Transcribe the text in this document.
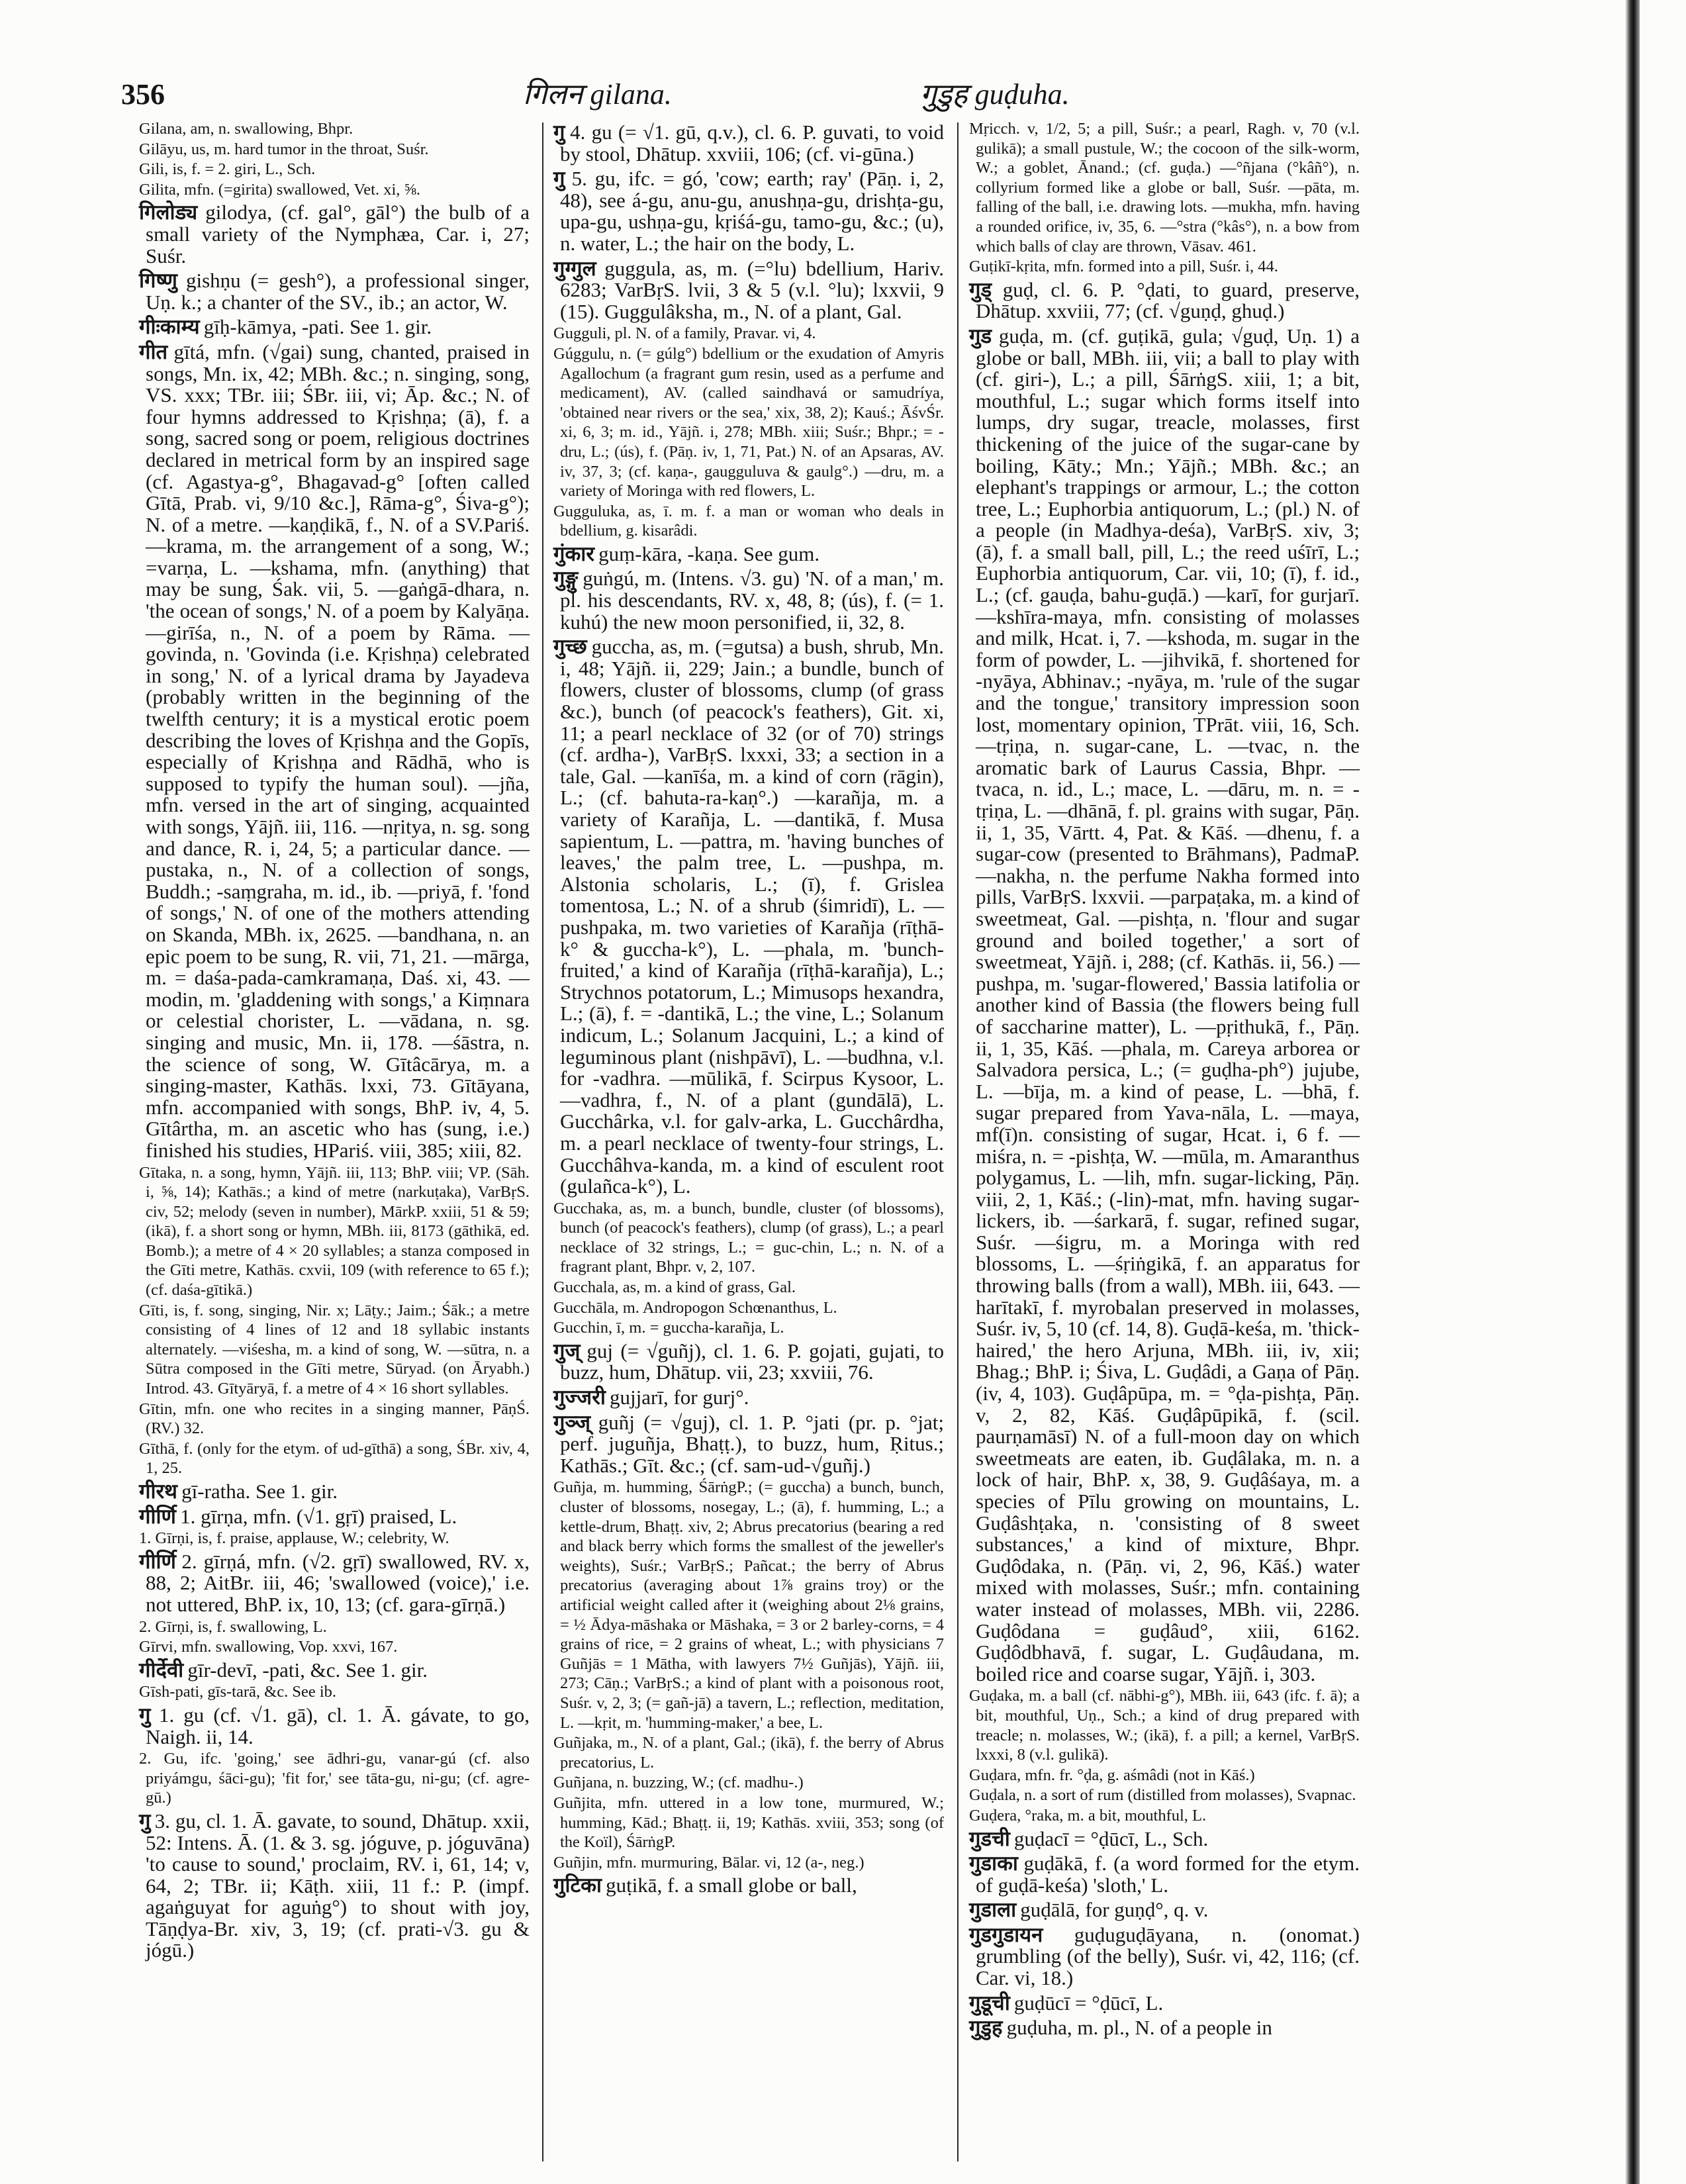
356	गिलन gilana.	गुडुह guḍuha.
Gilana, am, n. swallowing, Bhpr.
Gilāyu, us, m. hard tumor in the throat, Suśr.
Gili, is, f. = 2. giri, L., Sch.
Gilita, mfn. (=girita) swallowed, Vet. xi, ⅝.
गिलोड्य gilodya, (cf. gal°, gāl°) the bulb of a small variety of the Nymphæa, Car. i, 27; Suśr.
गिष्णु gishṇu (= gesh°), a professional singer, Uṇ. k.; a chanter of the SV., ib.; an actor, W.
गीःकाम्य gīḥ-kāmya, -pati. See 1. gir.
गीत gītá, mfn. (√gai) sung, chanted, praised in songs, Mn. ix, 42; MBh. &c.; n. singing, song, VS. xxx; TBr. iii; ŚBr. iii, vi; Āp. &c.; N. of four hymns addressed to Kṛishṇa; (ā), f. a song, sacred song or poem, religious doctrines declared in metrical form by an inspired sage (cf. Agastya-g°, Bhagavad-g° [often called Gītā, Prab. vi, 9/10 &c.], Rāma-g°, Śiva-g°); N. of a metre. —kaṇḍikā, f., N. of a SV.Pariś. —krama, m. the arrangement of a song, W.; =varṇa, L. —kshama, mfn. (anything) that may be sung, Śak. vii, 5. —gaṅgā-dhara, n. 'the ocean of songs,' N. of a poem by Kalyāṇa. —girīśa, n., N. of a poem by Rāma. —govinda, n. 'Govinda (i.e. Kṛishṇa) celebrated in song,' N. of a lyrical drama by Jayadeva (probably written in the beginning of the twelfth century; it is a mystical erotic poem describing the loves of Kṛishṇa and the Gopīs, especially of Kṛishṇa and Rādhā, who is supposed to typify the human soul). —jña, mfn. versed in the art of singing, acquainted with songs, Yājñ. iii, 116. —nṛitya, n. sg. song and dance, R. i, 24, 5; a particular dance. —pustaka, n., N. of a collection of songs, Buddh.; -saṃgraha, m. id., ib. —priyā, f. 'fond of songs,' N. of one of the mothers attending on Skanda, MBh. ix, 2625. —bandhana, n. an epic poem to be sung, R. vii, 71, 21. —mārga, m. = daśa-pada-camkramaṇa, Daś. xi, 43. —modin, m. 'gladdening with songs,' a Kiṃnara or celestial chorister, L. —vādana, n. sg. singing and music, Mn. ii, 178. —śāstra, n. the science of song, W. Gītâcārya, m. a singing-master, Kathās. lxxi, 73. Gītāyana, mfn. accompanied with songs, BhP. iv, 4, 5. Gītârtha, m. an ascetic who has (sung, i.e.) finished his studies, HPariś. viii, 385; xiii, 82.
Gītaka, n. a song, hymn, Yājñ. iii, 113; BhP. viii; VP. (Sāh. i, ⅝, 14); Kathās.; a kind of metre (narkuṭaka), VarBṛS. civ, 52; melody (seven in number), MārkP. xxiii, 51 & 59; (ikā), f. a short song or hymn, MBh. iii, 8173 (gāthikā, ed. Bomb.); a metre of 4 × 20 syllables; a stanza composed in the Gīti metre, Kathās. cxvii, 109 (with reference to 65 f.); (cf. daśa-gītikā.)
Gīti, is, f. song, singing, Nir. x; Lāṭy.; Jaim.; Śāk.; a metre consisting of 4 lines of 12 and 18 syllabic instants alternately. —viśesha, m. a kind of song, W. —sūtra, n. a Sūtra composed in the Gīti metre, Sūryad. (on Āryabh.) Introd. 43. Gītyāryā, f. a metre of 4 × 16 short syllables.
Gītin, mfn. one who recites in a singing manner, PāṇŚ. (RV.) 32.
Gīthā, f. (only for the etym. of ud-gīthā) a song, ŚBr. xiv, 4, 1, 25.
गीरथ gī-ratha. See 1. gir.
गीर्णि 1. gīrṇa, mfn. (√1. gṛī) praised, L.
1. Gīrṇi, is, f. praise, applause, W.; celebrity, W.
गीर्णि 2. gīrṇá, mfn. (√2. gṛī) swallowed, RV. x, 88, 2; AitBr. iii, 46; 'swallowed (voice),' i.e. not uttered, BhP. ix, 10, 13; (cf. gara-gīrṇā.)
2. Gīrṇi, is, f. swallowing, L.
Gīrvi, mfn. swallowing, Vop. xxvi, 167.
गीर्देवी gīr-devī, -pati, &c. See 1. gir.
Gīsh-pati, gīs-tarā, &c. See ib.
गु 1. gu (cf. √1. gā), cl. 1. Ā. gávate, to go, Naigh. ii, 14.
2. Gu, ifc. 'going,' see ādhri-gu, vanar-gú (cf. also priyámgu, śāci-gu); 'fit for,' see tāta-gu, ni-gu; (cf. agre-gū.)
गु 3. gu, cl. 1. Ā. gavate, to sound, Dhātup. xxii, 52: Intens. Ā. (1. & 3. sg. jóguve, p. jóguvāna) 'to cause to sound,' proclaim, RV. i, 61, 14; v, 64, 2; TBr. ii; Kāṭh. xiii, 11 f.: P. (impf. agaṅguyat for aguṅg°) to shout with joy, Tāṇḍya-Br. xiv, 3, 19; (cf. prati-√3. gu & jógū.)
गु 4. gu (= √1. gū, q.v.), cl. 6. P. guvati, to void by stool, Dhātup. xxviii, 106; (cf. vi-gūna.)
गु 5. gu, ifc. = gó, 'cow; earth; ray' (Pāṇ. i, 2, 48), see á-gu, anu-gu, anushṇa-gu, drishṭa-gu, upa-gu, ushṇa-gu, kṛiśá-gu, tamo-gu, &c.; (u), n. water, L.; the hair on the body, L.
गुग्गुल guggula, as, m. (=°lu) bdellium, Hariv. 6283; VarBṛS. lvii, 3 & 5 (v.l. °lu); lxxvii, 9 (15). Guggulâksha, m., N. of a plant, Gal.
Gugguli, pl. N. of a family, Pravar. vi, 4.
Gúggulu, n. (= gúlg°) bdellium or the exudation of Amyris Agallochum (a fragrant gum resin, used as a perfume and medicament), AV. (called saindhavá or samudríya, 'obtained near rivers or the sea,' xix, 38, 2); Kauś.; ĀśvŚr. xi, 6, 3; m. id., Yājñ. i, 278; MBh. xiii; Suśr.; Bhpr.; = -dru, L.; (ús), f. (Pāṇ. iv, 1, 71, Pat.) N. of an Apsaras, AV. iv, 37, 3; (cf. kaṇa-, gaugguluva & gaulg°.) —dru, m. a variety of Moringa with red flowers, L.
Gugguluka, as, ī. m. f. a man or woman who deals in bdellium, g. kisarâdi.
गुंकार guṃ-kāra, -kaṇa. See gum.
गुङ्गु guṅgú, m. (Intens. √3. gu) 'N. of a man,' m. pl. his descendants, RV. x, 48, 8; (ús), f. (= 1. kuhú) the new moon personified, ii, 32, 8.
गुच्छ guccha, as, m. (=gutsa) a bush, shrub, Mn. i, 48; Yājñ. ii, 229; Jain.; a bundle, bunch of flowers, cluster of blossoms, clump (of grass &c.), bunch (of peacock's feathers), Git. xi, 11; a pearl necklace of 32 (or of 70) strings (cf. ardha-), VarBṛS. lxxxi, 33; a section in a tale, Gal. —kanīśa, m. a kind of corn (rāgin), L.; (cf. bahuta-ra-kaṇ°.) —karañja, m. a variety of Karañja, L. —dantikā, f. Musa sapientum, L. —pattra, m. 'having bunches of leaves,' the palm tree, L. —pushpa, m. Alstonia scholaris, L.; (ī), f. Grislea tomentosa, L.; N. of a shrub (śimridī), L. —pushpaka, m. two varieties of Karañja (rīṭhā-k° & guccha-k°), L. —phala, m. 'bunch-fruited,' a kind of Karañja (rīṭhā-karañja), L.; Strychnos potatorum, L.; Mimusops hexandra, L.; (ā), f. = -dantikā, L.; the vine, L.; Solanum indicum, L.; Solanum Jacquini, L.; a kind of leguminous plant (nishpāvī), L. —budhna, v.l. for -vadhra. —mūlikā, f. Scirpus Kysoor, L. —vadhra, f., N. of a plant (gundālā), L. Gucchârka, v.l. for galv-arka, L. Gucchârdha, m. a pearl necklace of twenty-four strings, L. Gucchâhva-kanda, m. a kind of esculent root (gulañca-k°), L.
Gucchaka, as, m. a bunch, bundle, cluster (of blossoms), bunch (of peacock's feathers), clump (of grass), L.; a pearl necklace of 32 strings, L.; = guc-chin, L.; n. N. of a fragrant plant, Bhpr. v, 2, 107.
Gucchala, as, m. a kind of grass, Gal.
Gucchāla, m. Andropogon Schœnanthus, L.
Gucchin, ī, m. = guccha-karañja, L.
गुज् guj (= √guñj), cl. 1. 6. P. gojati, gujati, to buzz, hum, Dhātup. vii, 23; xxviii, 76.
गुज्जरी gujjarī, for gurj°.
गुञ्ज् guñj (= √guj), cl. 1. P. °jati (pr. p. °jat; perf. juguñja, Bhaṭṭ.), to buzz, hum, Ṛitus.; Kathās.; Gīt. &c.; (cf. sam-ud-√guñj.)
Guñja, m. humming, ŚārṅgP.; (= guccha) a bunch, bunch, cluster of blossoms, nosegay, L.; (ā), f. humming, L.; a kettle-drum, Bhaṭṭ. xiv, 2; Abrus precatorius (bearing a red and black berry which forms the smallest of the jeweller's weights), Suśr.; VarBṛS.; Pañcat.; the berry of Abrus precatorius (averaging about 1⅞ grains troy) or the artificial weight called after it (weighing about 2⅛ grains, = ½ Ādya-māshaka or Māshaka, = 3 or 2 barley-corns, = 4 grains of rice, = 2 grains of wheat, L.; with physicians 7 Guñjās = 1 Mātha, with lawyers 7½ Guñjās), Yājñ. iii, 273; Cāṇ.; VarBṛS.; a kind of plant with a poisonous root, Suśr. v, 2, 3; (= gañ-jā) a tavern, L.; reflection, meditation, L. —kṛit, m. 'humming-maker,' a bee, L.
Guñjaka, m., N. of a plant, Gal.; (ikā), f. the berry of Abrus precatorius, L.
Guñjana, n. buzzing, W.; (cf. madhu-.)
Guñjita, mfn. uttered in a low tone, murmured, W.; humming, Kād.; Bhaṭṭ. ii, 19; Kathās. xviii, 353; song (of the Koïl), ŚārṅgP.
Guñjin, mfn. murmuring, Bālar. vi, 12 (a-, neg.)
गुटिका guṭikā, f. a small globe or ball,
Mṛicch. v, 1/2, 5; a pill, Suśr.; a pearl, Ragh. v, 70 (v.l. gulikā); a small pustule, W.; the cocoon of the silk-worm, W.; a goblet, Ānand.; (cf. guḍa.) —°ñjana (°kâñ°), n. collyrium formed like a globe or ball, Suśr. —pāta, m. falling of the ball, i.e. drawing lots. —mukha, mfn. having a rounded orifice, iv, 35, 6. —°stra (°kâs°), n. a bow from which balls of clay are thrown, Vāsav. 461.
Guṭikī-kṛita, mfn. formed into a pill, Suśr. i, 44.
गुड् guḍ, cl. 6. P. °ḍati, to guard, preserve, Dhātup. xxviii, 77; (cf. √guṇḍ, ghuḍ.)
गुड guḍa, m. (cf. guṭikā, gula; √guḍ, Uṇ. 1) a globe or ball, MBh. iii, vii; a ball to play with (cf. giri-), L.; a pill, ŚārṅgS. xiii, 1; a bit, mouthful, L.; sugar which forms itself into lumps, dry sugar, treacle, molasses, first thickening of the juice of the sugar-cane by boiling, Kāty.; Mn.; Yājñ.; MBh. &c.; an elephant's trappings or armour, L.; the cotton tree, L.; Euphorbia antiquorum, L.; (pl.) N. of a people (in Madhya-deśa), VarBṛS. xiv, 3; (ā), f. a small ball, pill, L.; the reed uśīrī, L.; Euphorbia antiquorum, Car. vii, 10; (ī), f. id., L.; (cf. gauḍa, bahu-guḍā.) —karī, for gurjarī. —kshīra-maya, mfn. consisting of molasses and milk, Hcat. i, 7. —kshoda, m. sugar in the form of powder, L. —jihvikā, f. shortened for -nyāya, Abhinav.; -nyāya, m. 'rule of the sugar and the tongue,' transitory impression soon lost, momentary opinion, TPrāt. viii, 16, Sch. —tṛiṇa, n. sugar-cane, L. —tvac, n. the aromatic bark of Laurus Cassia, Bhpr. —tvaca, n. id., L.; mace, L. —dāru, m. n. = -tṛiṇa, L. —dhānā, f. pl. grains with sugar, Pāṇ. ii, 1, 35, Vārtt. 4, Pat. & Kāś. —dhenu, f. a sugar-cow (presented to Brāhmans), PadmaP. —nakha, n. the perfume Nakha formed into pills, VarBṛS. lxxvii. —parpaṭaka, m. a kind of sweetmeat, Gal. —pishṭa, n. 'flour and sugar ground and boiled together,' a sort of sweetmeat, Yājñ. i, 288; (cf. Kathās. ii, 56.) —pushpa, m. 'sugar-flowered,' Bassia latifolia or another kind of Bassia (the flowers being full of saccharine matter), L. —pṛithukā, f., Pāṇ. ii, 1, 35, Kāś. —phala, m. Careya arborea or Salvadora persica, L.; (= guḍha-ph°) jujube, L. —bīja, m. a kind of pease, L. —bhā, f. sugar prepared from Yava-nāla, L. —maya, mf(ī)n. consisting of sugar, Hcat. i, 6 f. —miśra, n. = -pishṭa, W. —mūla, m. Amaranthus polygamus, L. —lih, mfn. sugar-licking, Pāṇ. viii, 2, 1, Kāś.; (-lin)-mat, mfn. having sugar-lickers, ib. —śarkarā, f. sugar, refined sugar, Suśr. —śigru, m. a Moringa with red blossoms, L. —śṛiṅgikā, f. an apparatus for throwing balls (from a wall), MBh. iii, 643. —harītakī, f. myrobalan preserved in molasses, Suśr. iv, 5, 10 (cf. 14, 8). Guḍā-keśa, m. 'thick-haired,' the hero Arjuna, MBh. iii, iv, xii; Bhag.; BhP. i; Śiva, L. Guḍâdi, a Gaṇa of Pāṇ. (iv, 4, 103). Guḍâpūpa, m. = °ḍa-pishṭa, Pāṇ. v, 2, 82, Kāś. Guḍâpūpikā, f. (scil. paurṇamāsī) N. of a full-moon day on which sweetmeats are eaten, ib. Guḍâlaka, m. n. a lock of hair, BhP. x, 38, 9. Guḍâśaya, m. a species of Pīlu growing on mountains, L. Guḍâshṭaka, n. 'consisting of 8 sweet substances,' a kind of mixture, Bhpr. Guḍôdaka, n. (Pāṇ. vi, 2, 96, Kāś.) water mixed with molasses, Suśr.; mfn. containing water instead of molasses, MBh. vii, 2286. Guḍôdana = guḍâud°, xiii, 6162. Guḍôdbhavā, f. sugar, L. Guḍâudana, m. boiled rice and coarse sugar, Yājñ. i, 303.
Guḍaka, m. a ball (cf. nābhi-g°), MBh. iii, 643 (ifc. f. ā); a bit, mouthful, Uṇ., Sch.; a kind of drug prepared with treacle; n. molasses, W.; (ikā), f. a pill; a kernel, VarBṛS. lxxxi, 8 (v.l. gulikā).
Guḍara, mfn. fr. °ḍa, g. aśmâdi (not in Kāś.)
Guḍala, n. a sort of rum (distilled from molasses), Svapnac.
Guḍera, °raka, m. a bit, mouthful, L.
गुडची guḍacī = °ḍūcī, L., Sch.
गुडाका guḍākā, f. (a word formed for the etym. of guḍā-keśa) 'sloth,' L.
गुडाला guḍālā, for guṇḍ°, q. v.
गुडगुडायन guḍuguḍāyana, n. (onomat.) grumbling (of the belly), Suśr. vi, 42, 116; (cf. Car. vi, 18.)
गुडूची guḍūcī = °ḍūcī, L.
गुडुह guḍuha, m. pl., N. of a people in
